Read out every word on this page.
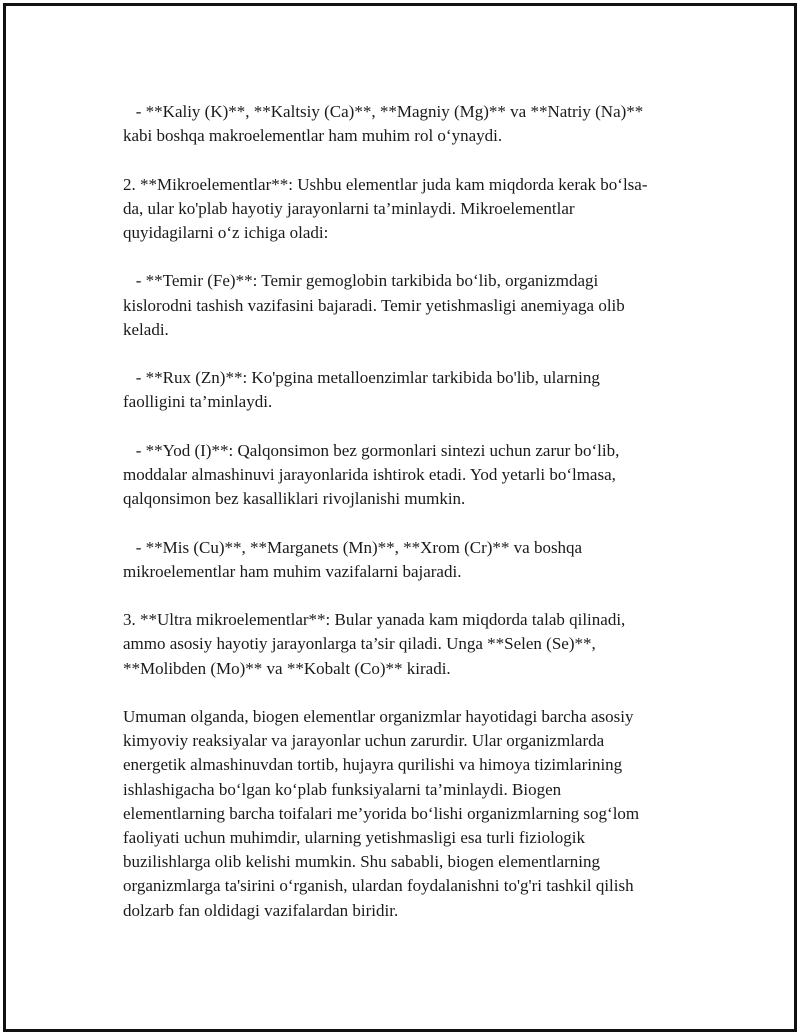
- **Kaliy (K)**, **Kaltsiy (Ca)**, **Magniy (Mg)** va **Natriy (Na)**
kabi boshqa makroelementlar ham muhim rol o‘ynaydi.

2. **Mikroelementlar**: Ushbu elementlar juda kam miqdorda kerak bo‘lsa-
da, ular ko'plab hayotiy jarayonlarni ta’minlaydi. Mikroelementlar
quyidagilarni o‘z ichiga oladi:

- **Temir (Fe)**: Temir gemoglobin tarkibida bo‘lib, organizmdagi
kislorodni tashish vazifasini bajaradi. Temir yetishmasligi anemiyaga olib
keladi.

- **Rux (Zn)**: Ko'pgina metalloenzimlar tarkibida bo'lib, ularning
faolligini ta’minlaydi.

- **Yod (I)**: Qalqonsimon bez gormonlari sintezi uchun zarur bo‘lib,
moddalar almashinuvi jarayonlarida ishtirok etadi. Yod yetarli bo‘lmasa,
qalqonsimon bez kasalliklari rivojlanishi mumkin.

- **Mis (Cu)**, **Marganets (Mn)**, **Xrom (Cr)** va boshqa
mikroelementlar ham muhim vazifalarni bajaradi.

3. **Ultra mikroelementlar**: Bular yanada kam miqdorda talab qilinadi,
ammo asosiy hayotiy jarayonlarga ta’sir qiladi. Unga **Selen (Se)**,
**Molibden (Mo)** va **Kobalt (Co)** kiradi.

Umuman olganda, biogen elementlar organizmlar hayotidagi barcha asosiy
kimyoviy reaksiyalar va jarayonlar uchun zarurdir. Ular organizmlarda
energetik almashinuvdan tortib, hujayra qurilishi va himoya tizimlarining
ishlashigacha bo‘lgan ko‘plab funksiyalarni ta’minlaydi. Biogen
elementlarning barcha toifalari me’yorida bo‘lishi organizmlarning sog‘lom
faoliyati uchun muhimdir, ularning yetishmasligi esa turli fiziologik
buzilishlarga olib kelishi mumkin. Shu sababli, biogen elementlarning
organizmlarga ta'sirini o‘rganish, ulardan foydalanishni to'g'ri tashkil qilish
dolzarb fan oldidagi vazifalardan biridir.
